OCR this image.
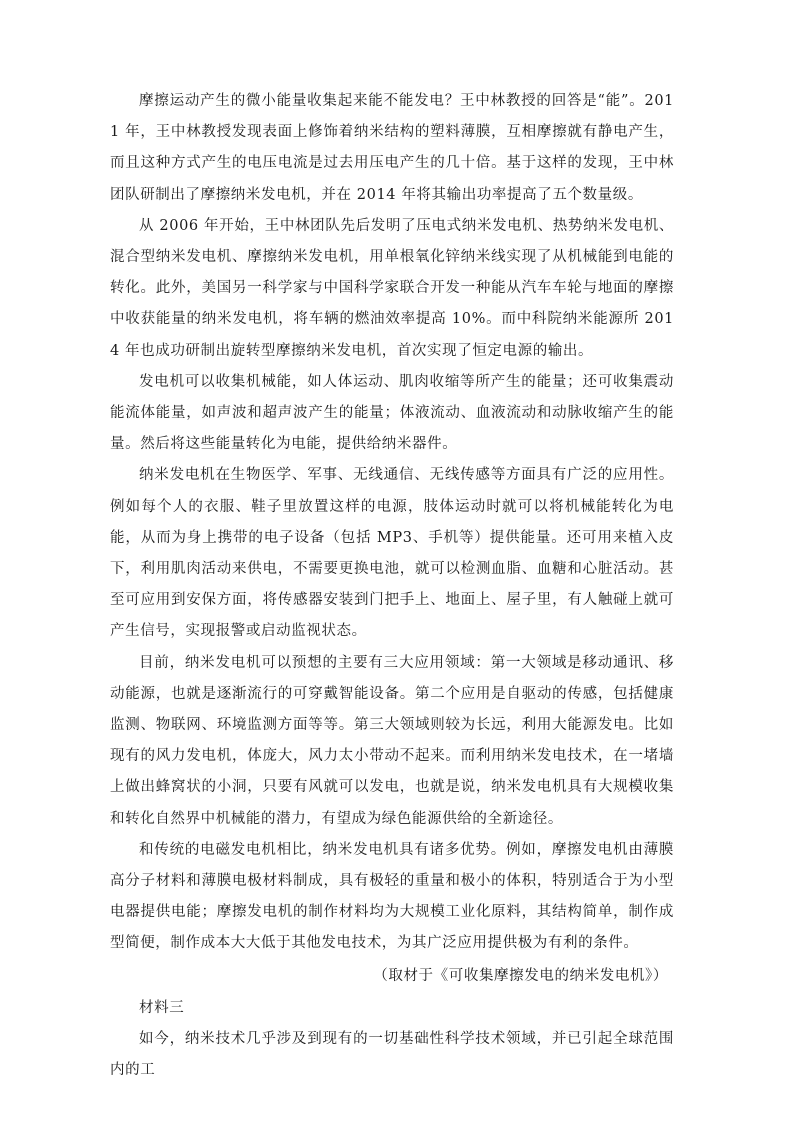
摩擦运动产生的微小能量收集起来能不能发电？王中林教授的回答是“能”。2011 年，王中林教授发现表面上修饰着纳米结构的塑料薄膜，互相摩擦就有静电产生，而且这种方式产生的电压电流是过去用压电产生的几十倍。基于这样的发现，王中林团队研制出了摩擦纳米发电机，并在 2014 年将其输出功率提高了五个数量级。

从 2006 年开始，王中林团队先后发明了压电式纳米发电机、热势纳米发电机、混合型纳米发电机、摩擦纳米发电机，用单根氧化锌纳米线实现了从机械能到电能的转化。此外，美国另一科学家与中国科学家联合开发一种能从汽车车轮与地面的摩擦中收获能量的纳米发电机，将车辆的燃油效率提高 10%。而中科院纳米能源所 2014 年也成功研制出旋转型摩擦纳米发电机，首次实现了恒定电源的输出。

发电机可以收集机械能，如人体运动、肌肉收缩等所产生的能量；还可收集震动能流体能量，如声波和超声波产生的能量；体液流动、血液流动和动脉收缩产生的能量。然后将这些能量转化为电能，提供给纳米器件。

纳米发电机在生物医学、军事、无线通信、无线传感等方面具有广泛的应用性。例如每个人的衣服、鞋子里放置这样的电源，肢体运动时就可以将机械能转化为电能，从而为身上携带的电子设备（包括 MP3、手机等）提供能量。还可用来植入皮下，利用肌肉活动来供电，不需要更换电池，就可以检测血脂、血糖和心脏活动。甚至可应用到安保方面，将传感器安装到门把手上、地面上、屋子里，有人触碰上就可产生信号，实现报警或启动监视状态。

目前，纳米发电机可以预想的主要有三大应用领域：第一大领域是移动通讯、移动能源，也就是逐渐流行的可穿戴智能设备。第二个应用是自驱动的传感，包括健康监测、物联网、环境监测方面等等。第三大领域则较为长远，利用大能源发电。比如现有的风力发电机，体庞大，风力太小带动不起来。而利用纳米发电技术，在一堵墙上做出蜂窝状的小洞，只要有风就可以发电，也就是说，纳米发电机具有大规模收集和转化自然界中机械能的潜力，有望成为绿色能源供给的全新途径。

和传统的电磁发电机相比，纳米发电机具有诸多优势。例如，摩擦发电机由薄膜高分子材料和薄膜电极材料制成，具有极轻的重量和极小的体积，特别适合于为小型电器提供电能；摩擦发电机的制作材料均为大规模工业化原料，其结构简单，制作成型简便，制作成本大大低于其他发电技术，为其广泛应用提供极为有利的条件。

（取材于《可收集摩擦发电的纳米发电机》）

材料三

如今，纳米技术几乎涉及到现有的一切基础性科学技术领域，并已引起全球范围内的工
